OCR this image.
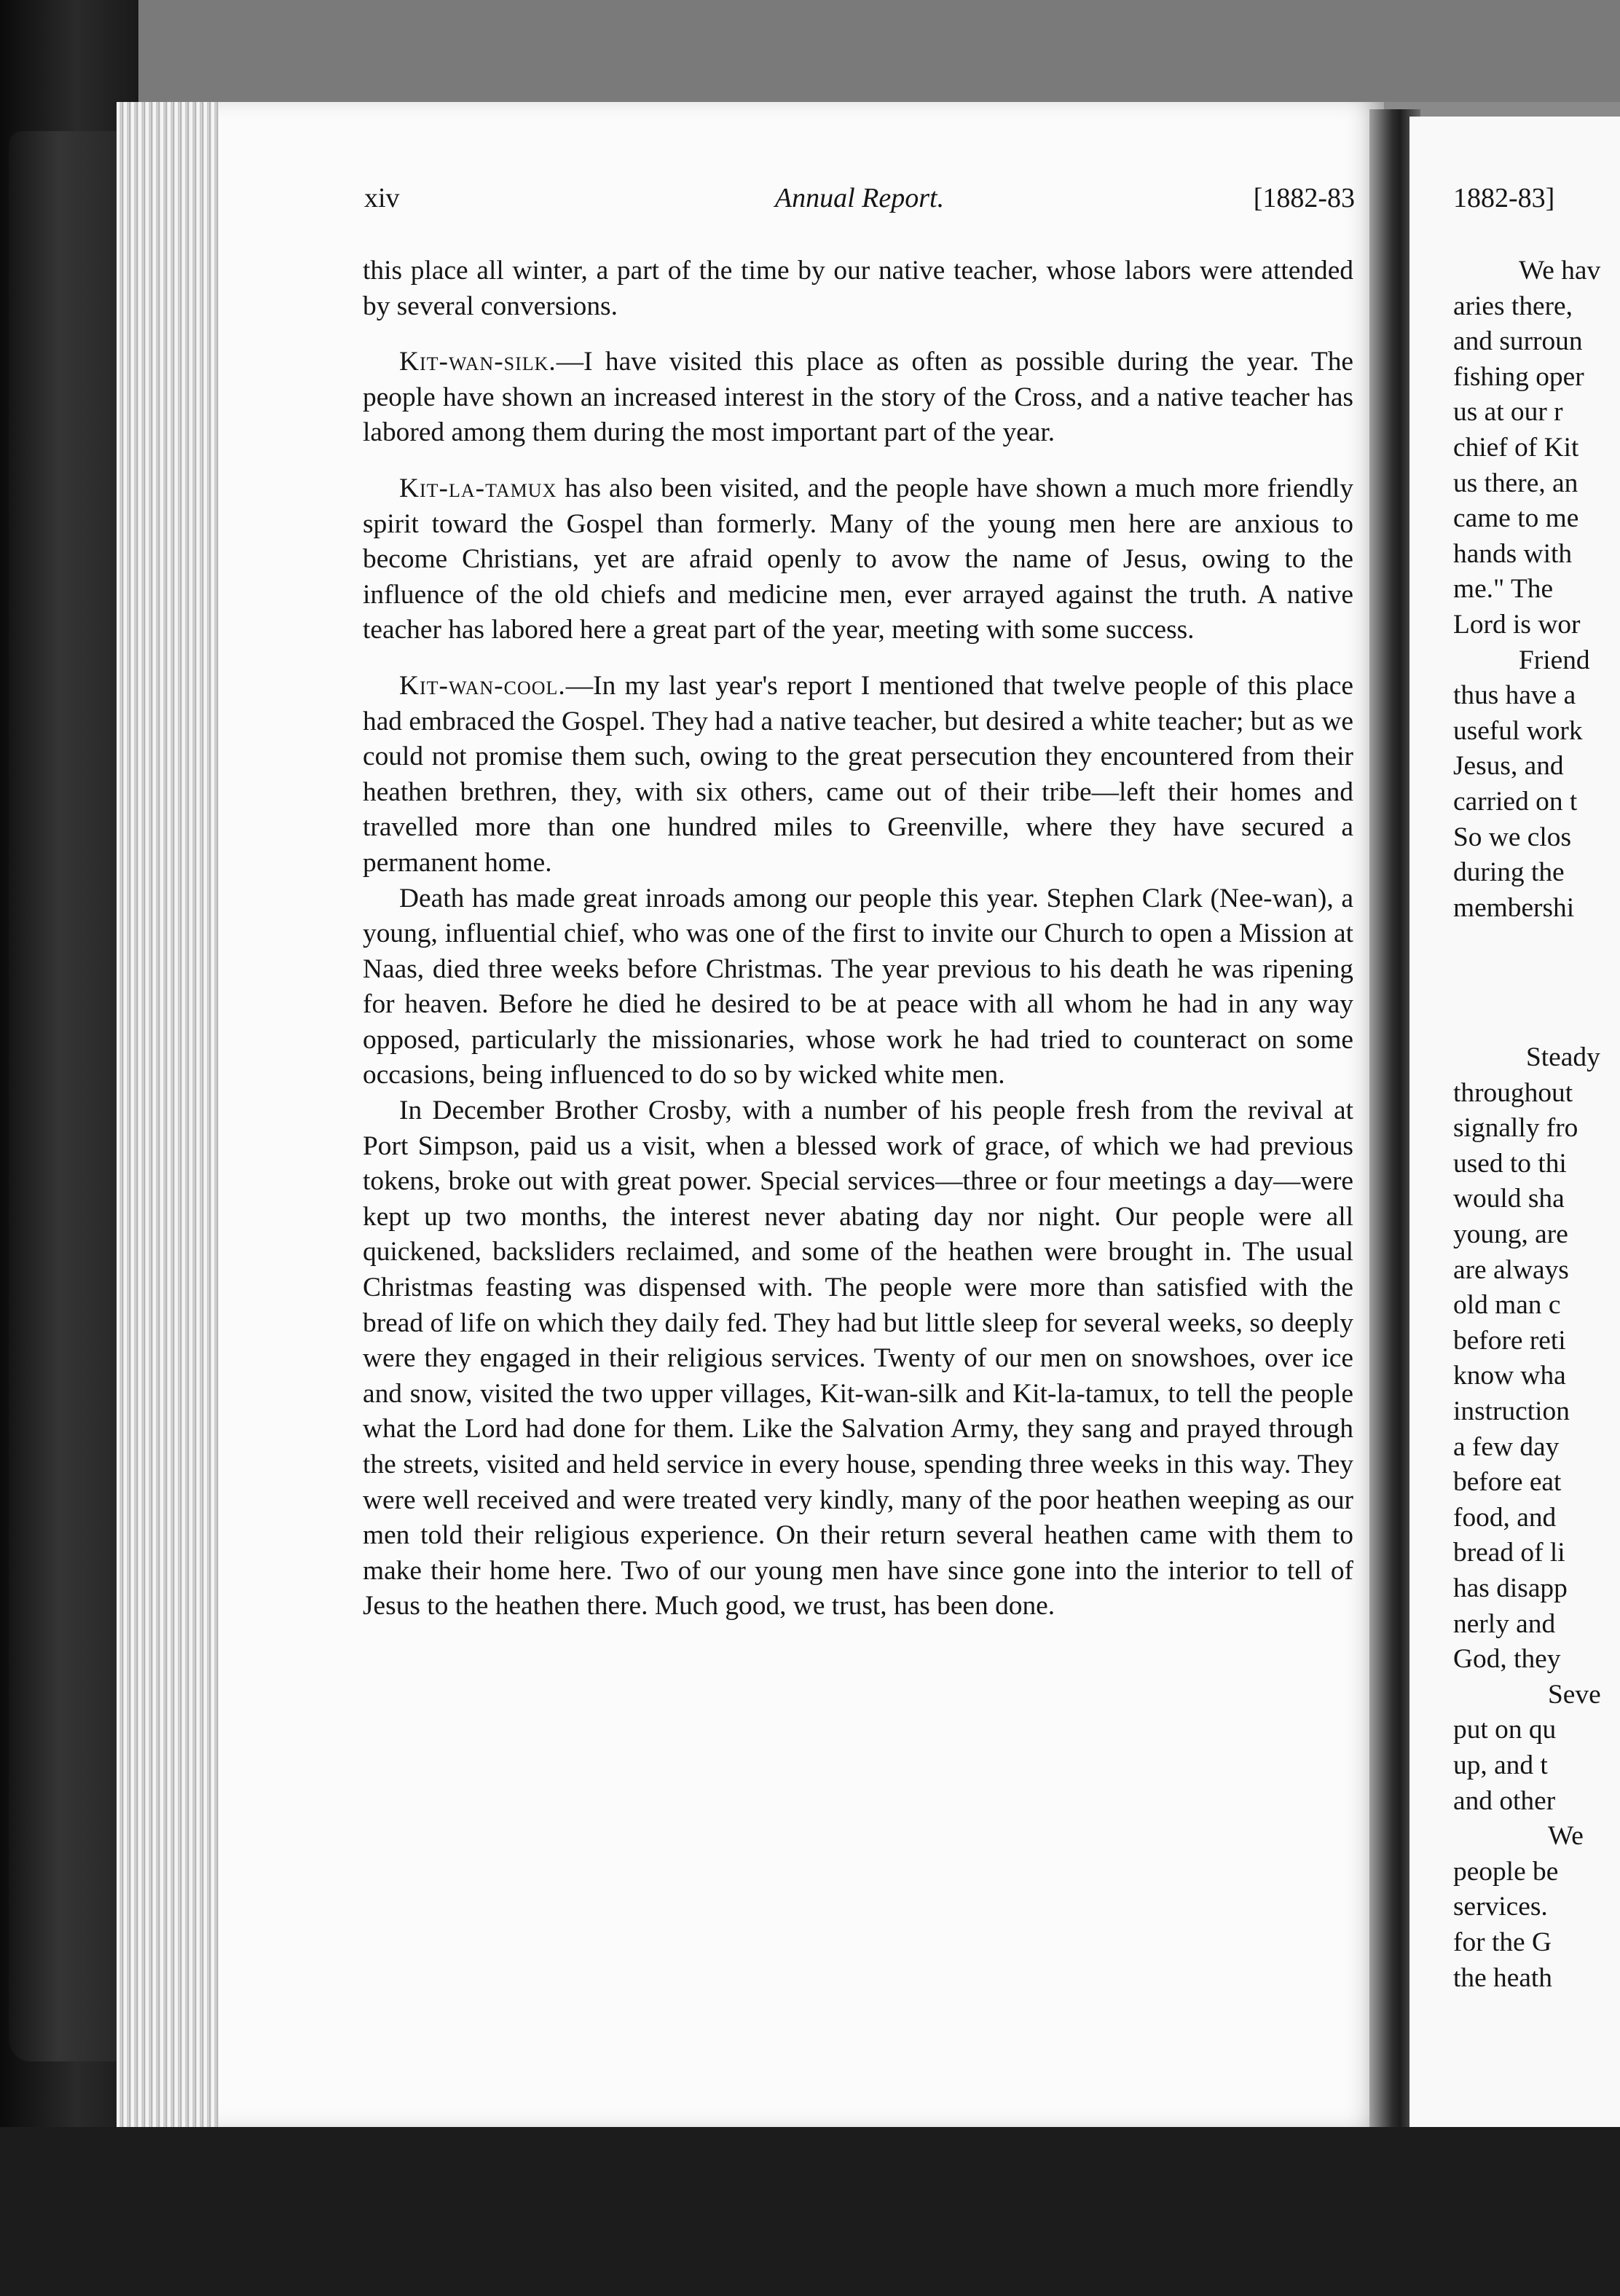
xiv	Annual Report.	[1882-83

this place all winter, a part of the time by our native teacher, whose labors were attended by several conversions.

Kit-wan-silk.—I have visited this place as often as possible during the year. The people have shown an increased interest in the story of the Cross, and a native teacher has labored among them during the most important part of the year.

Kit-la-tamux has also been visited, and the people have shown a much more friendly spirit toward the Gospel than formerly. Many of the young men here are anxious to become Christians, yet are afraid openly to avow the name of Jesus, owing to the influence of the old chiefs and medicine men, ever arrayed against the truth. A native teacher has labored here a great part of the year, meeting with some success.

Kit-wan-cool.—In my last year's report I mentioned that twelve people of this place had embraced the Gospel. They had a native teacher, but desired a white teacher; but as we could not promise them such, owing to the great persecution they encountered from their heathen brethren, they, with six others, came out of their tribe—left their homes and travelled more than one hundred miles to Greenville, where they have secured a permanent home.

Death has made great inroads among our people this year. Stephen Clark (Nee-wan), a young, influential chief, who was one of the first to invite our Church to open a Mission at Naas, died three weeks before Christmas. The year previous to his death he was ripening for heaven. Before he died he desired to be at peace with all whom he had in any way opposed, particularly the missionaries, whose work he had tried to counteract on some occasions, being influenced to do so by wicked white men.

In December Brother Crosby, with a number of his people fresh from the revival at Port Simpson, paid us a visit, when a blessed work of grace, of which we had previous tokens, broke out with great power. Special services—three or four meetings a day—were kept up two months, the interest never abating day nor night. Our people were all quickened, backsliders reclaimed, and some of the heathen were brought in. The usual Christmas feasting was dispensed with. The people were more than satisfied with the bread of life on which they daily fed. They had but little sleep for several weeks, so deeply were they engaged in their religious services. Twenty of our men on snowshoes, over ice and snow, visited the two upper villages, Kit-wan-silk and Kit-la-tamux, to tell the people what the Lord had done for them. Like the Salvation Army, they sang and prayed through the streets, visited and held service in every house, spending three weeks in this way. They were well received and were treated very kindly, many of the poor heathen weeping as our men told their religious experience. On their return several heathen came with them to make their home here. Two of our young men have since gone into the interior to tell of Jesus to the heathen there. Much good, we trust, has been done.

1882-83]
We hav
aries there,
and surroun
fishing oper
us at our r
chief of Kit
us there, an
came to me
hands with
me." The
Lord is wor
Friend
thus have a
useful work
Jesus, and
carried on t
So we clos
during the
membershi
Steady
throughout
signally fro
used to thi
would sha
young, are
are always
old man c
before reti
know wha
instruction
a few day
before eat
food, and
bread of li
has disapp
nerly and
God, they
Seve
put on qu
up, and t
and other
We
people be
services.
for the G
the heath
